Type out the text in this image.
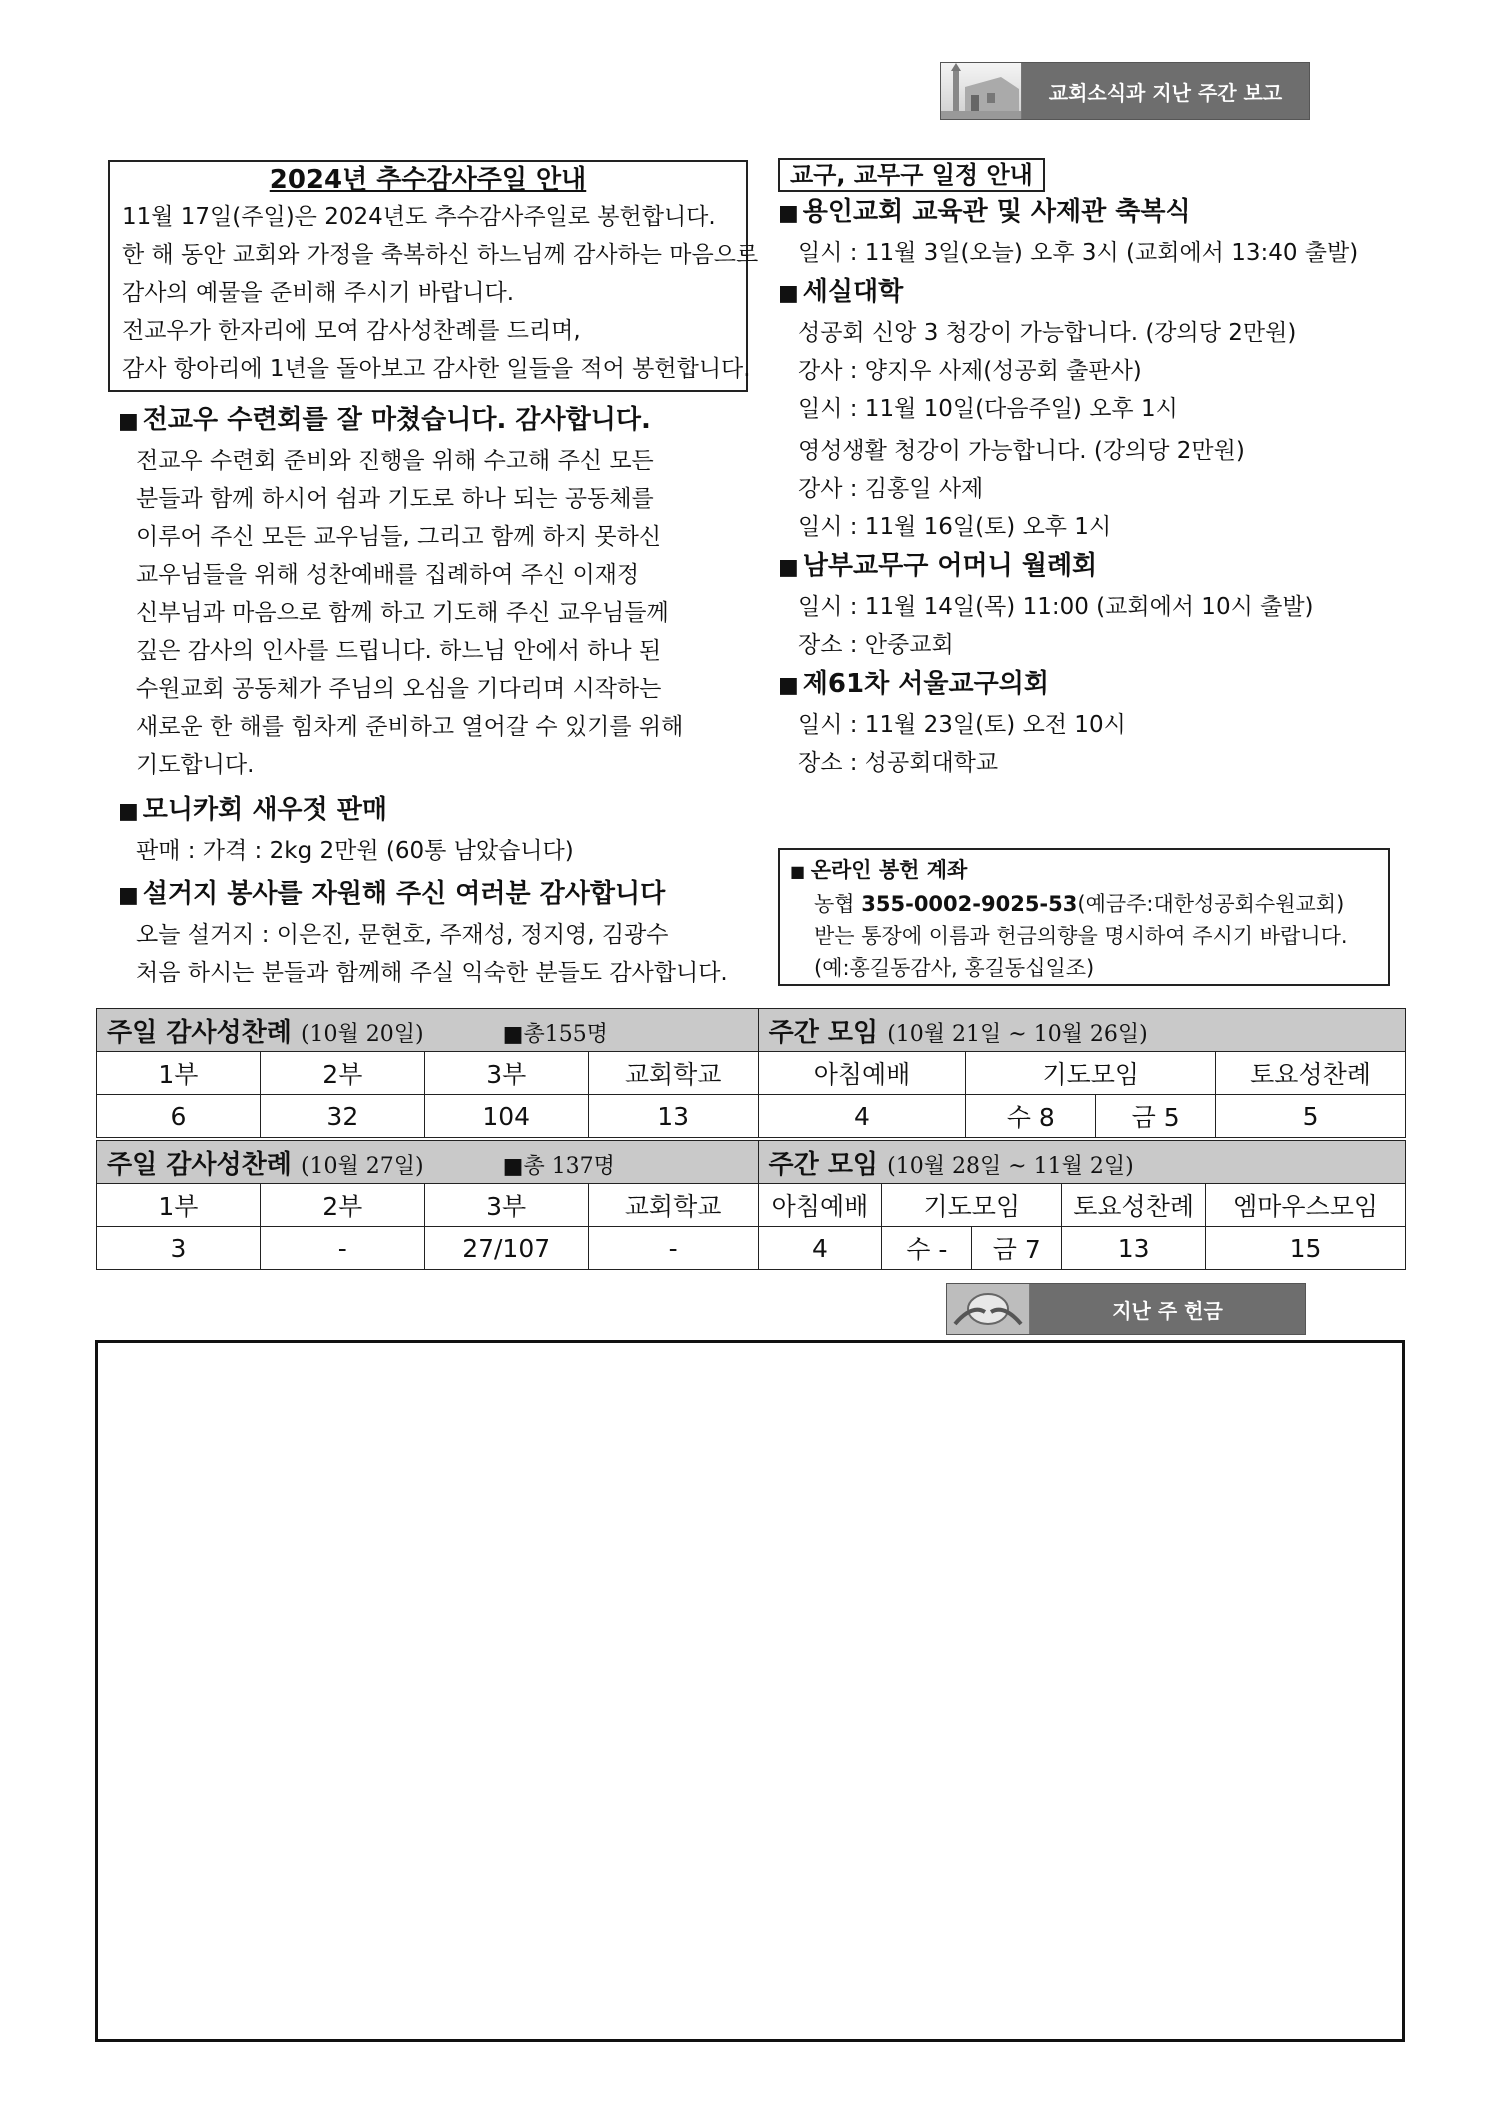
교회소식과 지난 주간 보고
2024년 추수감사주일 안내
11월 17일(주일)은 2024년도 추수감사주일로 봉헌합니다.
한 해 동안 교회와 가정을 축복하신 하느님께 감사하는 마음으로
감사의 예물을 준비해 주시기 바랍니다.
전교우가 한자리에 모여 감사성찬례를 드리며,
감사 항아리에 1년을 돌아보고 감사한 일들을 적어 봉헌합니다.
■ 전교우 수련회를 잘 마쳤습니다. 감사합니다.
전교우 수련회 준비와 진행을 위해 수고해 주신 모든
분들과 함께 하시어 쉼과 기도로 하나 되는 공동체를
이루어 주신 모든 교우님들, 그리고 함께 하지 못하신
교우님들을 위해 성찬예배를 집례하여 주신 이재정
신부님과 마음으로 함께 하고 기도해 주신 교우님들께
깊은 감사의 인사를 드립니다. 하느님 안에서 하나 된
수원교회 공동체가 주님의 오심을 기다리며 시작하는
새로운 한 해를 힘차게 준비하고 열어갈 수 있기를 위해
기도합니다.
■ 모니카회 새우젓 판매
판매 : 가격 : 2kg 2만원 (60통 남았습니다)
■ 설거지 봉사를 자원해 주신 여러분 감사합니다
오늘 설거지 : 이은진, 문현호, 주재성, 정지영, 김광수
처음 하시는 분들과 함께해 주실 익숙한 분들도 감사합니다.
교구, 교무구 일정 안내
■ 용인교회 교육관 및 사제관 축복식
일시 : 11월 3일(오늘) 오후 3시 (교회에서 13:40 출발)
■ 세실대학
성공회 신앙 3 청강이 가능합니다. (강의당 2만원)
강사 : 양지우 사제(성공회 출판사)
일시 : 11월 10일(다음주일) 오후 1시
영성생활 청강이 가능합니다. (강의당 2만원)
강사 : 김홍일 사제
일시 : 11월 16일(토) 오후 1시
■ 남부교무구 어머니 월례회
일시 : 11월 14일(목) 11:00 (교회에서 10시 출발)
장소 : 안중교회
■ 제61차 서울교구의회
일시 : 11월 23일(토) 오전 10시
장소 : 성공회대학교
■ 온라인 봉헌 계좌
농협 355-0002-9025-53(예금주:대한성공회수원교회)
받는 통장에 이름과 헌금의향을 명시하여 주시기 바랍니다.
(예:홍길동감사, 홍길동십일조)
주일 감사성찬례 (10월 20일) ■총155명				주간 모임 (10월 21일 ~ 10월 26일)			
1부	2부	3부	교회학교	아침예배	기도모임		토요성찬례
6	32	104	13	4	수 8	금 5	5
주일 감사성찬례 (10월 27일) ■총 137명				주간 모임 (10월 28일 ~ 11월 2일)				
1부	2부	3부	교회학교	아침예배	기도모임		토요성찬례	엠마우스모임
3	-	27/107	-	4	수 -	금 7	13	15
지난 주 헌금
